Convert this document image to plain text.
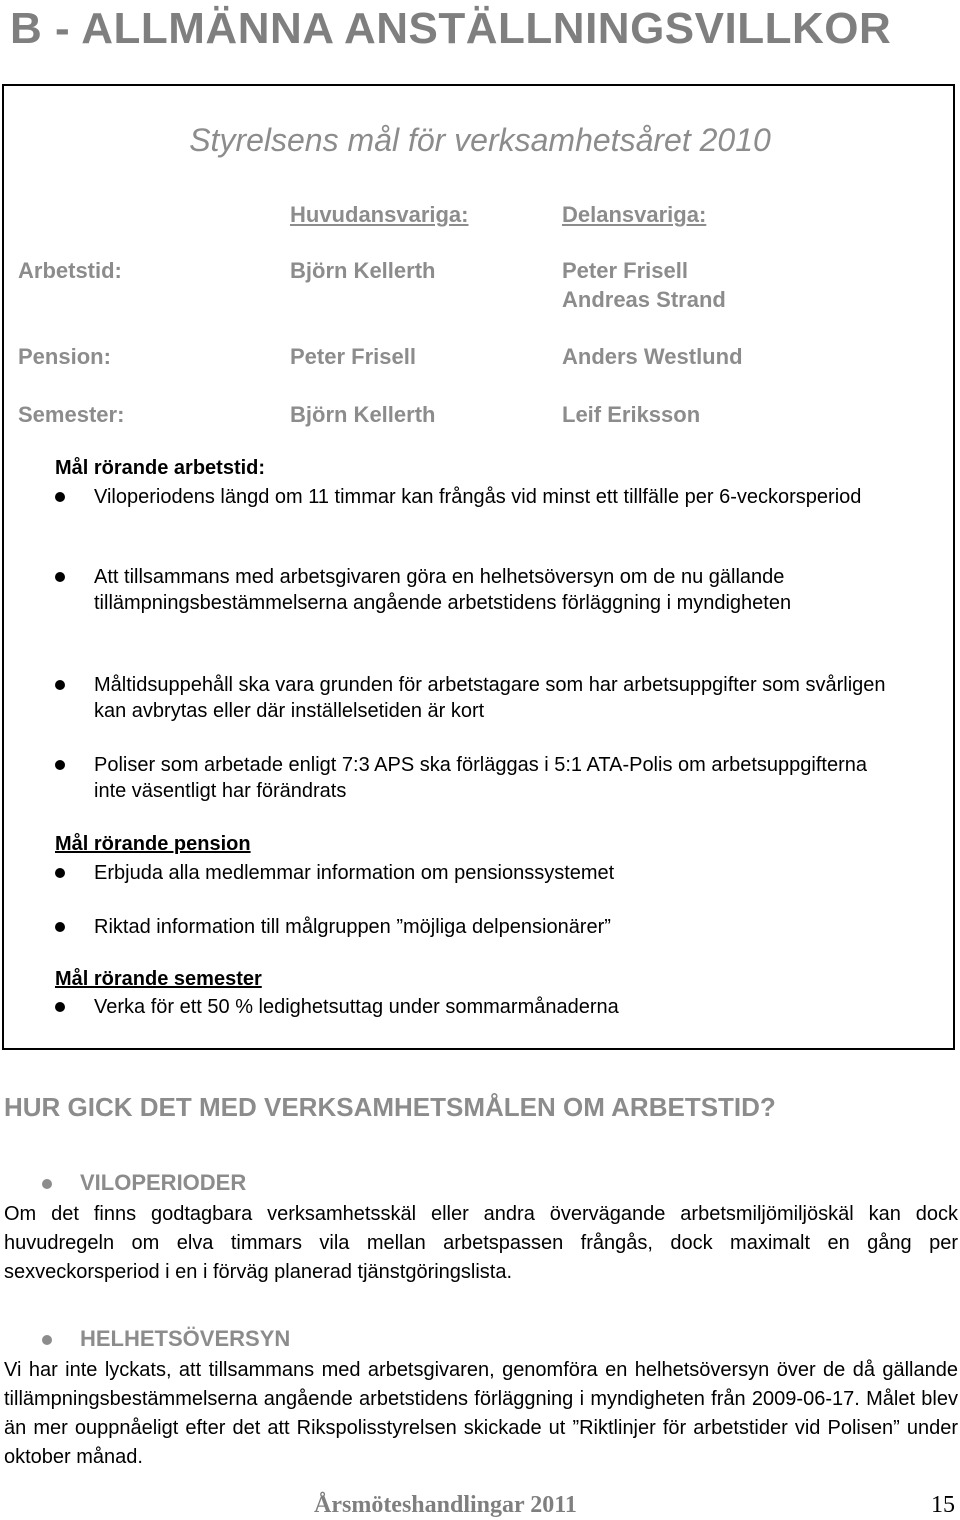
B - ALLMÄNNA ANSTÄLLNINGSVILLKOR
Styrelsens mål för verksamhetsåret 2010
Huvudansvariga:	Delansvariga:
Arbetstid:	Björn Kellerth	Peter Frisell
Andreas Strand
Pension:	Peter Frisell	Anders Westlund
Semester:	Björn Kellerth	Leif Eriksson
Mål rörande arbetstid:
Viloperiodens längd om 11 timmar kan frångås vid minst ett tillfälle per 6-veckorsperiod
Att tillsammans med arbetsgivaren göra en helhetsöversyn om de nu gällande tillämpningsbestämmelserna angående arbetstidens förläggning i myndigheten
Måltidsuppehåll ska vara grunden för arbetstagare som har arbetsuppgifter som svårligen kan avbrytas eller där inställelsetiden är kort
Poliser som arbetade enligt 7:3 APS ska förläggas i 5:1 ATA-Polis om arbetsuppgifterna inte väsentligt har förändrats
Mål rörande pension
Erbjuda alla medlemmar information om pensionssystemet
Riktad information till målgruppen ”möjliga delpensionärer”
Mål rörande semester
Verka för ett 50 % ledighetsuttag under sommarmånaderna
HUR GICK DET MED VERKSAMHETSMÅLEN OM ARBETSTID?
VILOPERIODER
Om det finns godtagbara verksamhetsskäl eller andra övervägande arbetsmiljömiljöskäl kan dock huvudregeln om elva timmars vila mellan arbetspassen frångås, dock maximalt en gång per sexveckorsperiod i en i förväg planerad tjänstgöringslista.
HELHETSÖVERSYN
Vi har inte lyckats, att tillsammans med arbetsgivaren, genomföra en helhetsöversyn över de då gällande tillämpningsbestämmelserna angående arbetstidens förläggning i myndigheten från 2009-06-17. Målet blev än mer ouppnåeligt efter det att Rikspolisstyrelsen skickade ut ”Riktlinjer för arbetstider vid Polisen” under oktober månad.
Årsmöteshandlingar 2011	15
